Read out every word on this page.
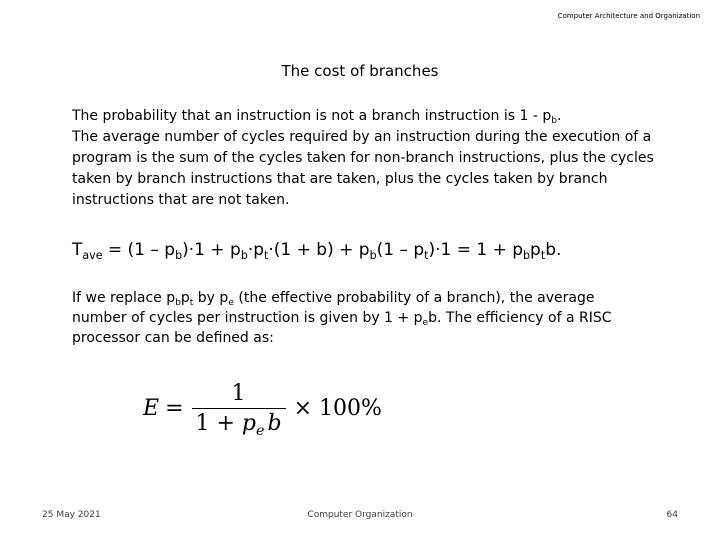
Computer Architecture and Organization
The cost of branches
The probability that an instruction is not a branch instruction is $1 - p_b$.
The average number of cycles required by an instruction during the execution of a program is the sum of the cycles taken for non-branch instructions, plus the cycles taken by branch instructions that are taken, plus the cycles taken by branch instructions that are not taken.
$T_{ave} = (1 - p_b)\cdot 1 + p_b\cdot p_t\cdot(1 + b) + p_b(1 - p_t)\cdot 1 = 1 + p_bp_tb$.
If we replace $p_bp_t$ by $p_e$ (the effective probability of a branch), the average number of cycles per instruction is given by $1 + p_eb$. The efficiency of a RISC processor can be defined as:
$E = \frac{1}{1 + p_e b} \times 100\%$
25 May 2021	Computer Organization	64
